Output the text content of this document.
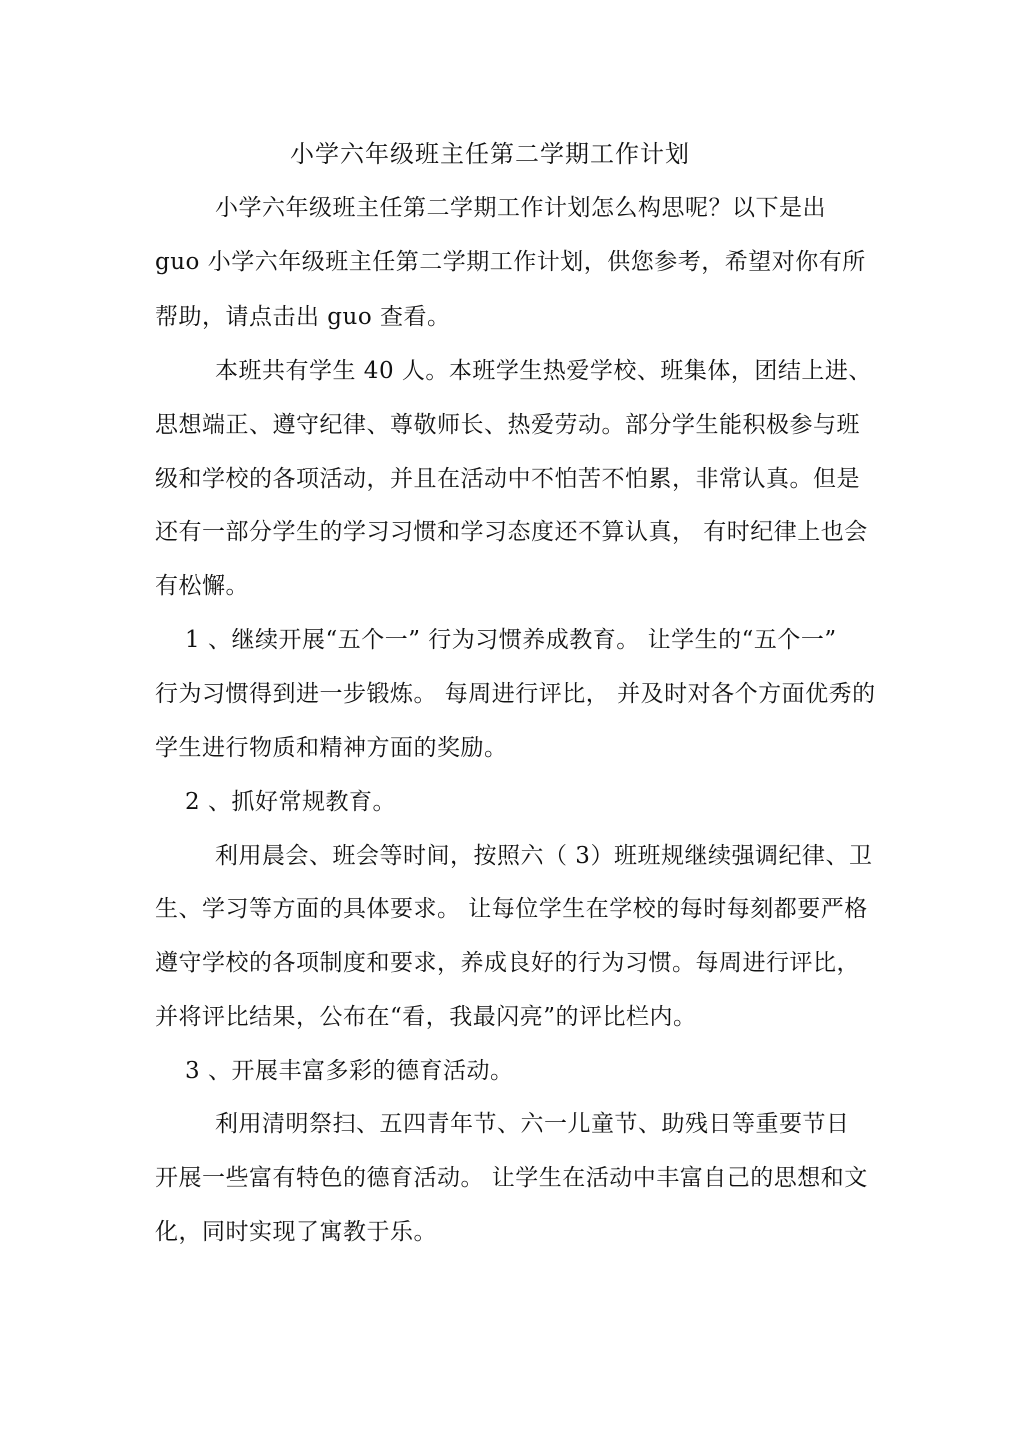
小学六年级班主任第二学期工作计划
小学六年级班主任第二学期工作计划怎么构思呢？以下是出
guo 小学六年级班主任第二学期工作计划，供您参考，希望对你有所
帮助，请点击出 guo 查看。
本班共有学生 40 人。本班学生热爱学校、班集体，团结上进、
思想端正、遵守纪律、尊敬师长、热爱劳动。部分学生能积极参与班
级和学校的各项活动，并且在活动中不怕苦不怕累，非常认真。但是
还有一部分学生的学习习惯和学习态度还不算认真， 有时纪律上也会
有松懈。
1 、继续开展“五个一” 行为习惯养成教育。 让学生的“五个一”
行为习惯得到进一步锻炼。 每周进行评比， 并及时对各个方面优秀的
学生进行物质和精神方面的奖励。
2 、抓好常规教育。
利用晨会、班会等时间，按照六（ 3）班班规继续强调纪律、卫
生、学习等方面的具体要求。 让每位学生在学校的每时每刻都要严格
遵守学校的各项制度和要求，养成良好的行为习惯。每周进行评比，
并将评比结果，公布在“看，我最闪亮”的评比栏内。
3 、开展丰富多彩的德育活动。
利用清明祭扫、五四青年节、六一儿童节、助残日等重要节日
开展一些富有特色的德育活动。 让学生在活动中丰富自己的思想和文
化，同时实现了寓教于乐。
